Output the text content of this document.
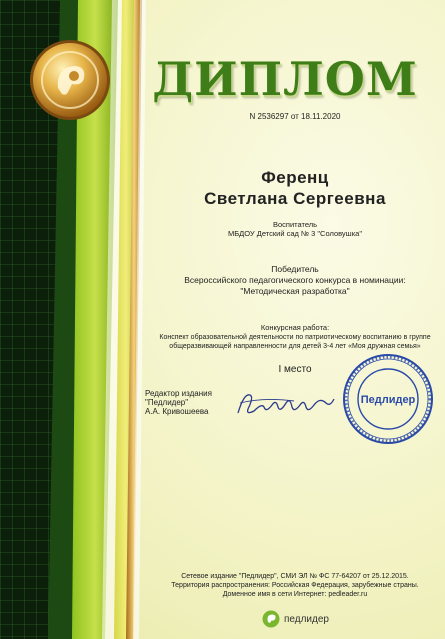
ДИПЛОМ
N 2536297 от 18.11.2020
Ференц
Светлана Сергеевна
Воспитатель
МБДОУ Детский сад № 3 "Соловушка"
Победитель
Всероссийского педагогического конкурса в номинации:
"Методическая разработка"
Конкурсная работа:
Конспект образовательной деятельности по патриотическому воспитанию в группе
общеразвивающей направленности для детей 3-4 лет «Моя дружная семья»
I место
Редактор издания
"Педлидер"
А.А. Кривошеева
Педлидер
Сетевое издание "Педлидер", СМИ ЭЛ № ФС 77-64207 от 25.12.2015.
Территория распространения: Российская Федерация, зарубежные страны.
Доменное имя в сети Интернет: pedleader.ru
педлидер
